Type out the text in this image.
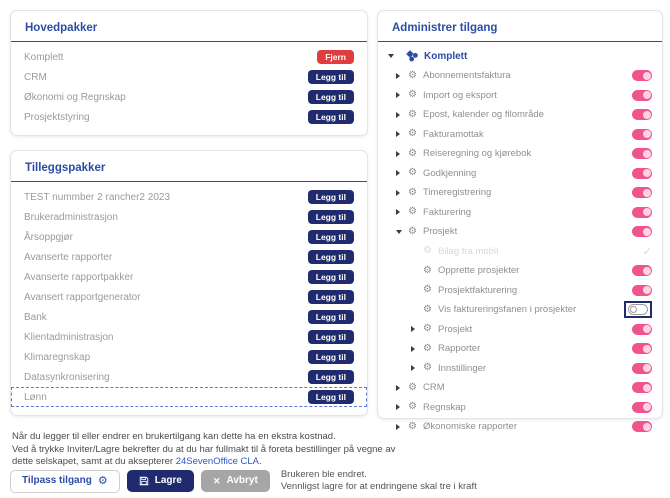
Hovedpakker
Komplett	Fjern
CRM	Legg til
Økonomi og Regnskap	Legg til
Prosjektstyring	Legg til
Tilleggspakker
TEST nummber 2 rancher2 2023	Legg til
Brukeradministrasjon	Legg til
Årsoppgjør	Legg til
Avanserte rapporter	Legg til
Avanserte rapportpakker	Legg til
Avansert rapportgenerator	Legg til
Bank	Legg til
Klientadministrasjon	Legg til
Klimaregnskap	Legg til
Datasynkronisering	Legg til
Lønn	Legg til
Administrer tilgang
Komplett
⚙ Abonnementsfaktura
⚙ Import og eksport
⚙ Epost, kalender og filområde
⚙ Fakturamottak
⚙ Reiseregning og kjørebok
⚙ Godkjenning
⚙ Timeregistrering
⚙ Fakturering
⚙ Prosjekt
⚙ Bilag fra mobil	✓
⚙ Opprette prosjekter
⚙ Prosjektfakturering
⚙ Vis faktureringsfanen i prosjekter
⚙ Prosjekt
⚙ Rapporter
⚙ Innstillinger
⚙ CRM
⚙ Regnskap
⚙ Økonomiske rapporter
Når du legger til eller endrer en brukertilgang kan dette ha en ekstra kostnad.
Ved å trykke Inviter/Lagre bekrefter du at du har fullmakt til å foreta bestillinger på vegne av
dette selskapet, samt at du aksepterer 24SevenOffice CLA.
Tilpass tilgang ⚙	Lagre	✕ Avbryt
Brukeren ble endret.
Vennligst lagre for at endringene skal tre i kraft
